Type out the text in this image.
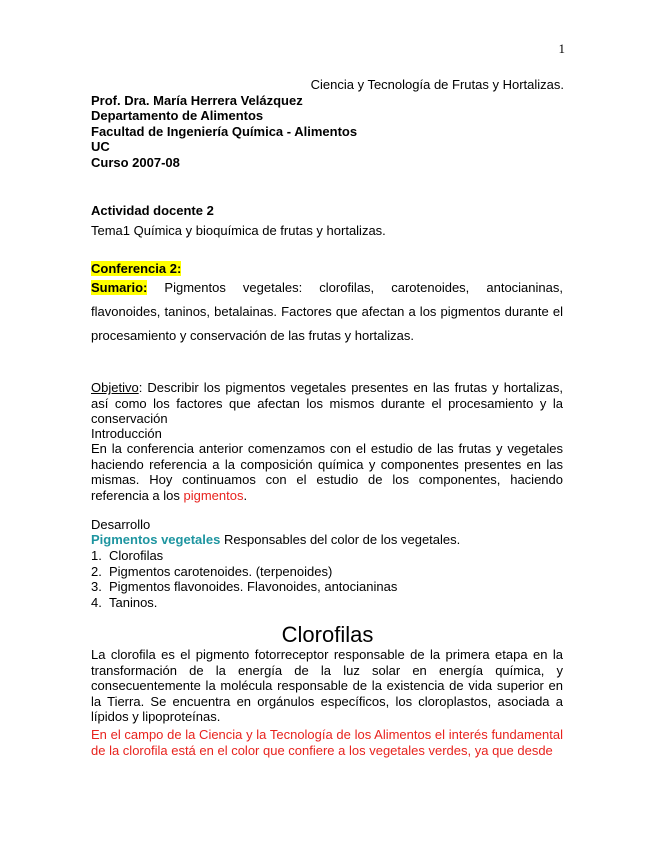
1
Ciencia y Tecnología de Frutas y Hortalizas.
Prof. Dra. María Herrera Velázquez
Departamento de Alimentos
Facultad de Ingeniería Química - Alimentos
UC
Curso 2007-08
Actividad docente 2
Tema1 Química y bioquímica de frutas y hortalizas.
Conferencia 2:
Sumario: Pigmentos vegetales: clorofilas, carotenoides, antocianinas,
flavonoides, taninos, betalainas. Factores que afectan a los pigmentos durante el
procesamiento y conservación de las frutas y hortalizas.
Objetivo: Describir los pigmentos vegetales presentes en las frutas y hortalizas, así como los factores que afectan los mismos durante el procesamiento y la conservación
Introducción
En la conferencia anterior comenzamos con el estudio de las frutas y vegetales haciendo referencia a la composición química y componentes presentes en las mismas. Hoy continuamos con el estudio de los componentes, haciendo referencia a los pigmentos.
Desarrollo
Pigmentos vegetales Responsables del color de los vegetales.
1. Clorofilas
2. Pigmentos carotenoides. (terpenoides)
3. Pigmentos flavonoides. Flavonoides, antocianinas
4. Taninos.
Clorofilas
La clorofila es el pigmento fotorreceptor responsable de la primera etapa en la transformación de la energía de la luz solar en energía química, y consecuentemente la molécula responsable de la existencia de vida superior en la Tierra. Se encuentra en orgánulos específicos, los cloroplastos, asociada a lípidos y lipoproteínas.
En el campo de la Ciencia y la Tecnología de los Alimentos el interés fundamental de la clorofila está en el color que confiere a los vegetales verdes, ya que desde
